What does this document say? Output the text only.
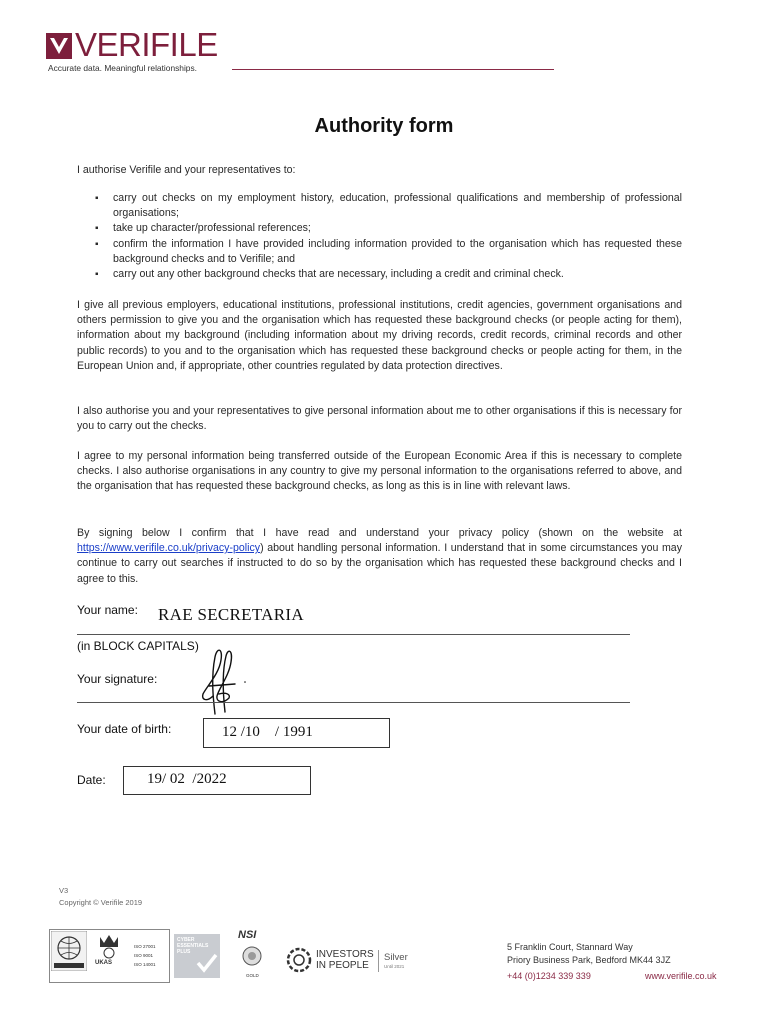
VERIFILE
Accurate data. Meaningful relationships.
Authority form
I authorise Verifile and your representatives to:
▪ carry out checks on my employment history, education, professional qualifications and membership of professional organisations;
▪ take up character/professional references;
▪ confirm the information I have provided including information provided to the organisation which has requested these background checks and to Verifile; and
▪ carry out any other background checks that are necessary, including a credit and criminal check.
I give all previous employers, educational institutions, professional institutions, credit agencies, government organisations and others permission to give you and the organisation which has requested these background checks (or people acting for them), information about my background (including information about my driving records, credit records, criminal records and other public records) to you and to the organisation which has requested these background checks or people acting for them, in the European Union and, if appropriate, other countries regulated by data protection directives.
I also authorise you and your representatives to give personal information about me to other organisations if this is necessary for you to carry out the checks.
I agree to my personal information being transferred outside of the European Economic Area if this is necessary to complete checks. I also authorise organisations in any country to give my personal information to the organisations referred to above, and the organisation that has requested these background checks, as long as this is in line with relevant laws.
By signing below I confirm that I have read and understand your privacy policy (shown on the website at https://www.verifile.co.uk/privacy-policy) about handling personal information. I understand that in some circumstances you may continue to carry out searches if instructed to do so by the organisation which has requested these background checks and I agree to this.
Your name: RAE SECRETARIA
(in BLOCK CAPITALS)
Your signature:
Your date of birth:	12 /10    / 1991
Date:	19/ 02  /2022
V3
Copyright © Verifile 2019
UKAS
ISO 27001
ISO 9001
ISO 14001
CYBER
ESSENTIALS
PLUS
NSI
GOLD
INVESTORS
IN PEOPLE
Silver
Until 2021
5 Franklin Court, Stannard Way
Priory Business Park, Bedford MK44 3JZ
+44 (0)1234 339 339	www.verifile.co.uk
